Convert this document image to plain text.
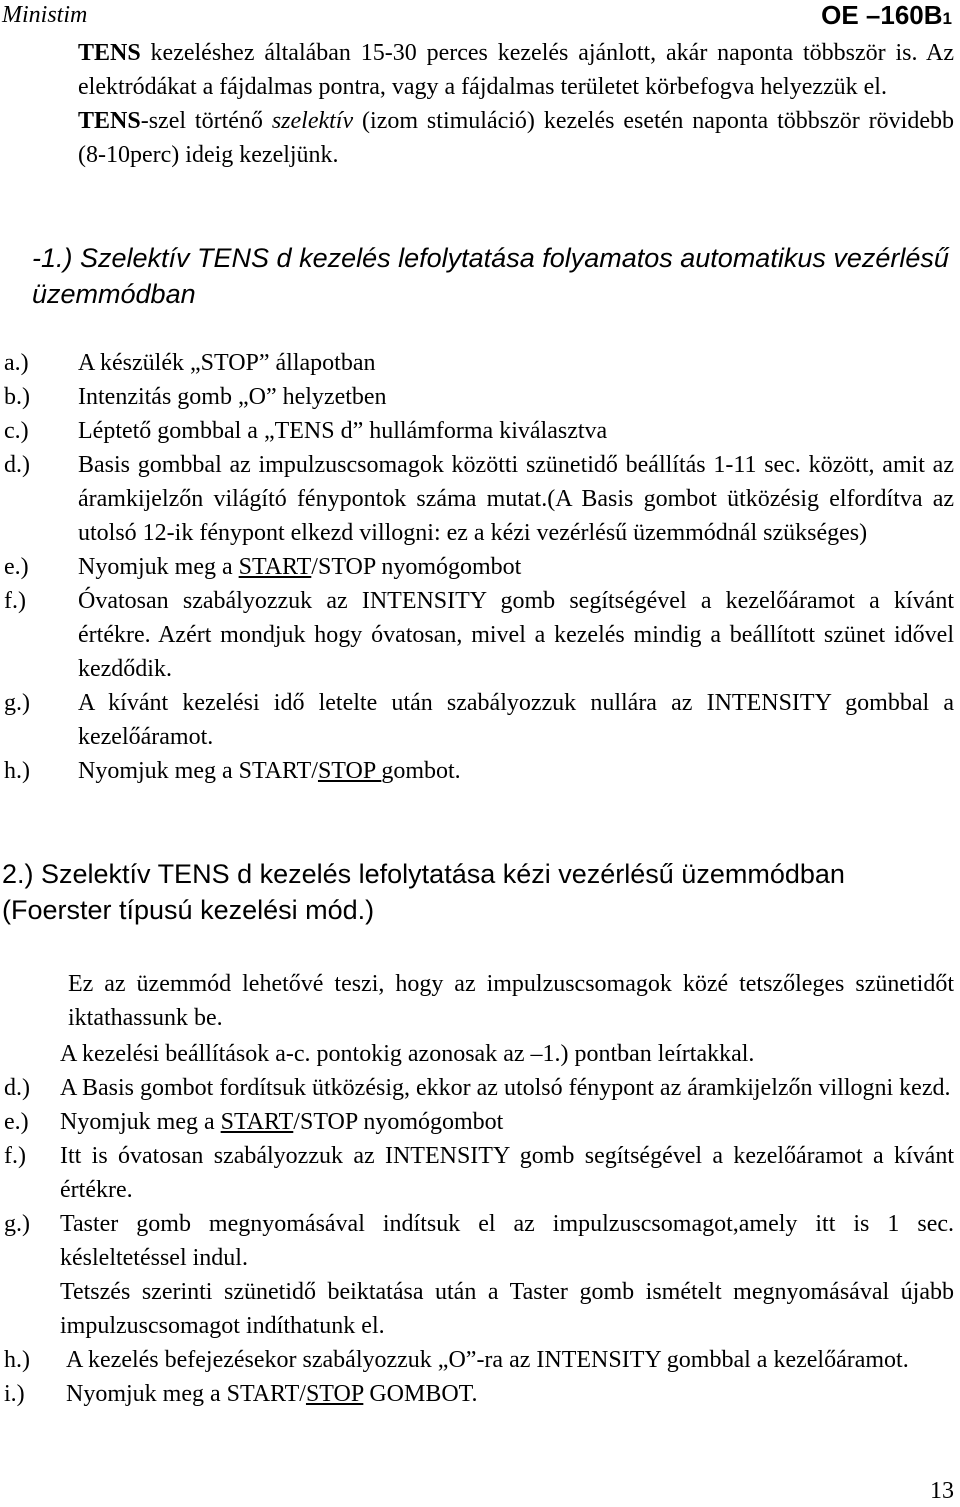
Ministim	OE –160B1

TENS kezeléshez általában 15-30 perces kezelés ajánlott, akár naponta többször is. Az elektródákat a fájdalmas pontra, vagy a fájdalmas területet körbefogva helyezzük el.

TENS-szel történő szelektív (izom stimuláció) kezelés esetén naponta többször rövidebb (8-10perc) ideig kezeljünk.

-1.) Szelektív TENS d kezelés lefolytatása folyamatos automatikus vezérlésű üzemmódban
a.)	A készülék „STOP” állapotban
b.)	Intenzitás gomb „O” helyzetben
c.)	Léptető gombbal a „TENS d” hullámforma kiválasztva
d.)	Basis gombbal az impulzuscsomagok közötti szünetidő beállítás 1-11 sec. között, amit az áramkijelzőn világító fénypontok száma mutat.(A Basis gombot ütközésig elfordítva az utolsó 12-ik fénypont elkezd villogni: ez a kézi vezérlésű üzemmódnál szükséges)
e.)	Nyomjuk meg a START/STOP nyomógombot
f.)	Óvatosan szabályozzuk az INTENSITY gomb segítségével a kezelőáramot a kívánt értékre. Azért mondjuk hogy óvatosan, mivel a kezelés mindig a beállított szünet idővel kezdődik.
g.)	A kívánt kezelési idő letelte után szabályozzuk nullára az INTENSITY gombbal a kezelőáramot.
h.)	Nyomjuk meg a START/STOP gombot.
2.) Szelektív TENS d kezelés lefolytatása kézi vezérlésű üzemmódban (Foerster típusú kezelési mód.)
Ez az üzemmód lehetővé teszi, hogy az impulzuscsomagok közé tetszőleges szünetidőt iktathassunk be.
A kezelési beállítások a-c. pontokig azonosak az –1.) pontban leírtakkal.
d.)	A Basis gombot fordítsuk ütközésig, ekkor az utolsó fénypont az áramkijelzőn villogni kezd.
e.)	Nyomjuk meg a START/STOP nyomógombot
f.)	Itt is óvatosan szabályozzuk az INTENSITY gomb segítségével a kezelőáramot a kívánt értékre.
g.)	Taster gomb megnyomásával indítsuk el az impulzuscsomagot,amely itt is 1 sec. késleltetéssel indul.
Tetszés szerinti szünetidő beiktatása után a Taster gomb ismételt megnyomásával újabb impulzuscsomagot indíthatunk el.
h.)	A kezelés befejezésekor szabályozzuk „O”-ra az INTENSITY gombbal a kezelőáramot.
i.)	Nyomjuk meg a START/STOP GOMBOT.
13
